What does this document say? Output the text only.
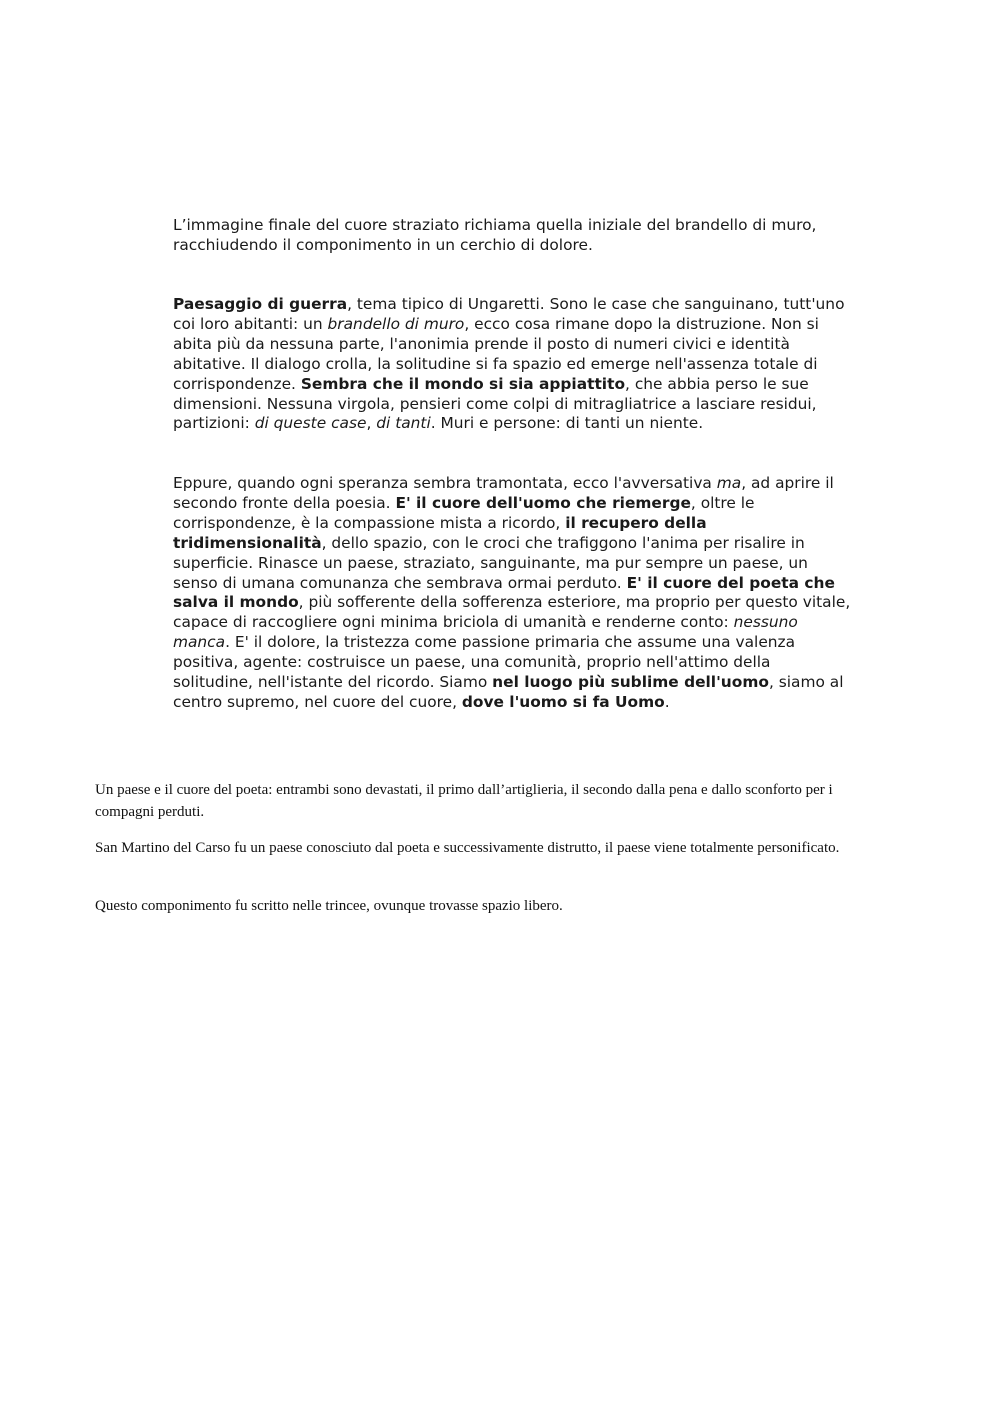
L’immagine finale del cuore straziato richiama quella iniziale del brandello di muro, racchiudendo il componimento in un cerchio di dolore.

Paesaggio di guerra, tema tipico di Ungaretti. Sono le case che sanguinano, tutt'uno coi loro abitanti: un brandello di muro, ecco cosa rimane dopo la distruzione. Non si abita più da nessuna parte, l'anonimia prende il posto di numeri civici e identità abitative. Il dialogo crolla, la solitudine si fa spazio ed emerge nell'assenza totale di corrispondenze. Sembra che il mondo si sia appiattito, che abbia perso le sue dimensioni. Nessuna virgola, pensieri come colpi di mitragliatrice a lasciare residui, partizioni: di queste case, di tanti. Muri e persone: di tanti un niente.

Eppure, quando ogni speranza sembra tramontata, ecco l'avversativa ma, ad aprire il secondo fronte della poesia. E' il cuore dell'uomo che riemerge, oltre le corrispondenze, è la compassione mista a ricordo, il recupero della tridimensionalità, dello spazio, con le croci che trafiggono l'anima per risalire in superficie. Rinasce un paese, straziato, sanguinante, ma pur sempre un paese, un senso di umana comunanza che sembrava ormai perduto. E' il cuore del poeta che salva il mondo, più sofferente della sofferenza esteriore, ma proprio per questo vitale, capace di raccogliere ogni minima briciola di umanità e renderne conto: nessuno manca. E' il dolore, la tristezza come passione primaria che assume una valenza positiva, agente: costruisce un paese, una comunità, proprio nell'attimo della solitudine, nell'istante del ricordo. Siamo nel luogo più sublime dell'uomo, siamo al centro supremo, nel cuore del cuore, dove l'uomo si fa Uomo.

Un paese e il cuore del poeta: entrambi sono devastati, il primo dall’artiglieria, il secondo dalla pena e dallo sconforto per i compagni perduti.

San Martino del Carso fu un paese conosciuto dal poeta e successivamente distrutto, il paese viene totalmente personificato.

Questo componimento fu scritto nelle trincee, ovunque trovasse spazio libero.
